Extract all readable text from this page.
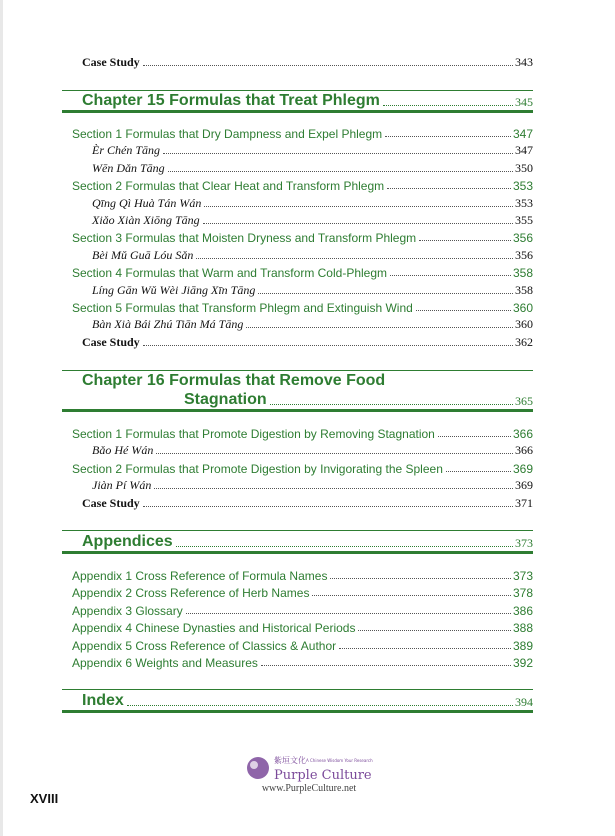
Case Study	343
Chapter 15 Formulas that Treat Phlegm	345
Section 1 Formulas that Dry Dampness and Expel Phlegm	347
Èr Chén Tāng	347
Wēn Dǎn Tāng	350
Section 2 Formulas that Clear Heat and Transform Phlegm	353
Qīng Qì Huà Tán Wán	353
Xiǎo Xiàn Xiōng Tāng	355
Section 3 Formulas that Moisten Dryness and Transform Phlegm	356
Bèi Mǔ Guā Lóu Sǎn	356
Section 4 Formulas that Warm and Transform Cold-Phlegm	358
Líng Gān Wǔ Wèi Jiāng Xīn Tāng	358
Section 5 Formulas that Transform Phlegm and Extinguish Wind	360
Bàn Xià Bái Zhú Tiān Má Tāng	360
Case Study	362
Chapter 16 Formulas that Remove Food
Stagnation	365
Section 1 Formulas that Promote Digestion by Removing Stagnation	366
Bǎo Hé Wán	366
Section 2 Formulas that Promote Digestion by Invigorating the Spleen	369
Jiàn Pí Wán	369
Case Study	371
Appendices	373
Appendix 1 Cross Reference of Formula Names	373
Appendix 2 Cross Reference of Herb Names	378
Appendix 3 Glossary	386
Appendix 4 Chinese Dynasties and Historical Periods	388
Appendix 5 Cross Reference of Classics & Author	389
Appendix 6 Weights and Measures	392
Index	394
紫垣文化 A Chinese Wisdom Your Research
Purple Culture
www.PurpleCulture.net
XVIII
